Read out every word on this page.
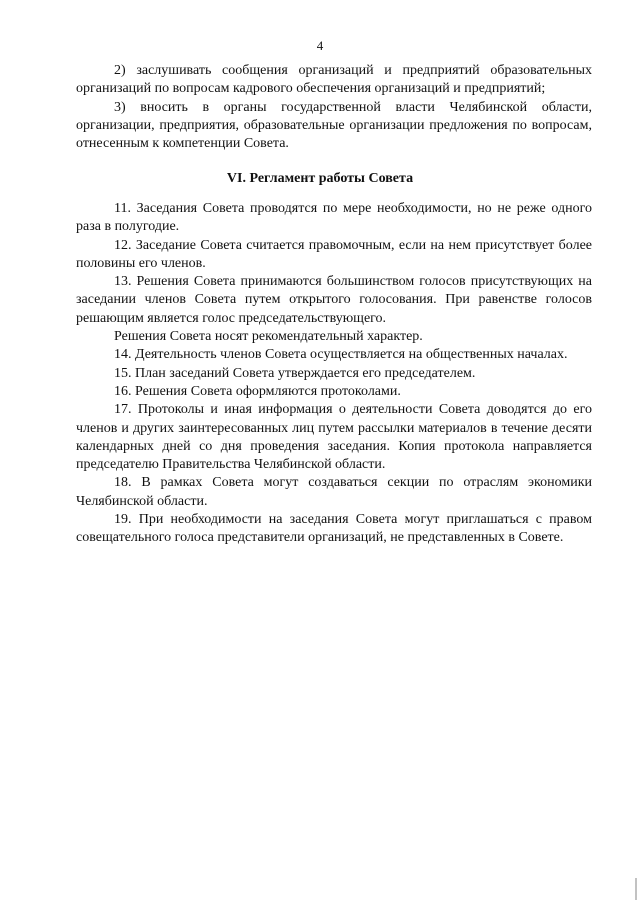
4

2) заслушивать сообщения организаций и предприятий образовательных организаций по вопросам кадрового обеспечения организаций и предприятий;

3) вносить в органы государственной власти Челябинской области, организации, предприятия, образовательные организации предложения по вопросам, отнесенным к компетенции Совета.

VI. Регламент работы Совета

11. Заседания Совета проводятся по мере необходимости, но не реже одного раза в полугодие.

12. Заседание Совета считается правомочным, если на нем присутствует более половины его членов.

13. Решения Совета принимаются большинством голосов присутствующих на заседании членов Совета путем открытого голосования. При равенстве голосов решающим является голос председательствующего.

Решения Совета носят рекомендательный характер.

14. Деятельность членов Совета осуществляется на общественных началах.

15. План заседаний Совета утверждается его председателем.

16. Решения Совета оформляются протоколами.

17. Протоколы и иная информация о деятельности Совета доводятся до его членов и других заинтересованных лиц путем рассылки материалов в течение десяти календарных дней со дня проведения заседания. Копия протокола направляется председателю Правительства Челябинской области.

18. В рамках Совета могут создаваться секции по отраслям экономики Челябинской области.

19. При необходимости на заседания Совета могут приглашаться с правом совещательного голоса представители организаций, не представленных в Совете.
